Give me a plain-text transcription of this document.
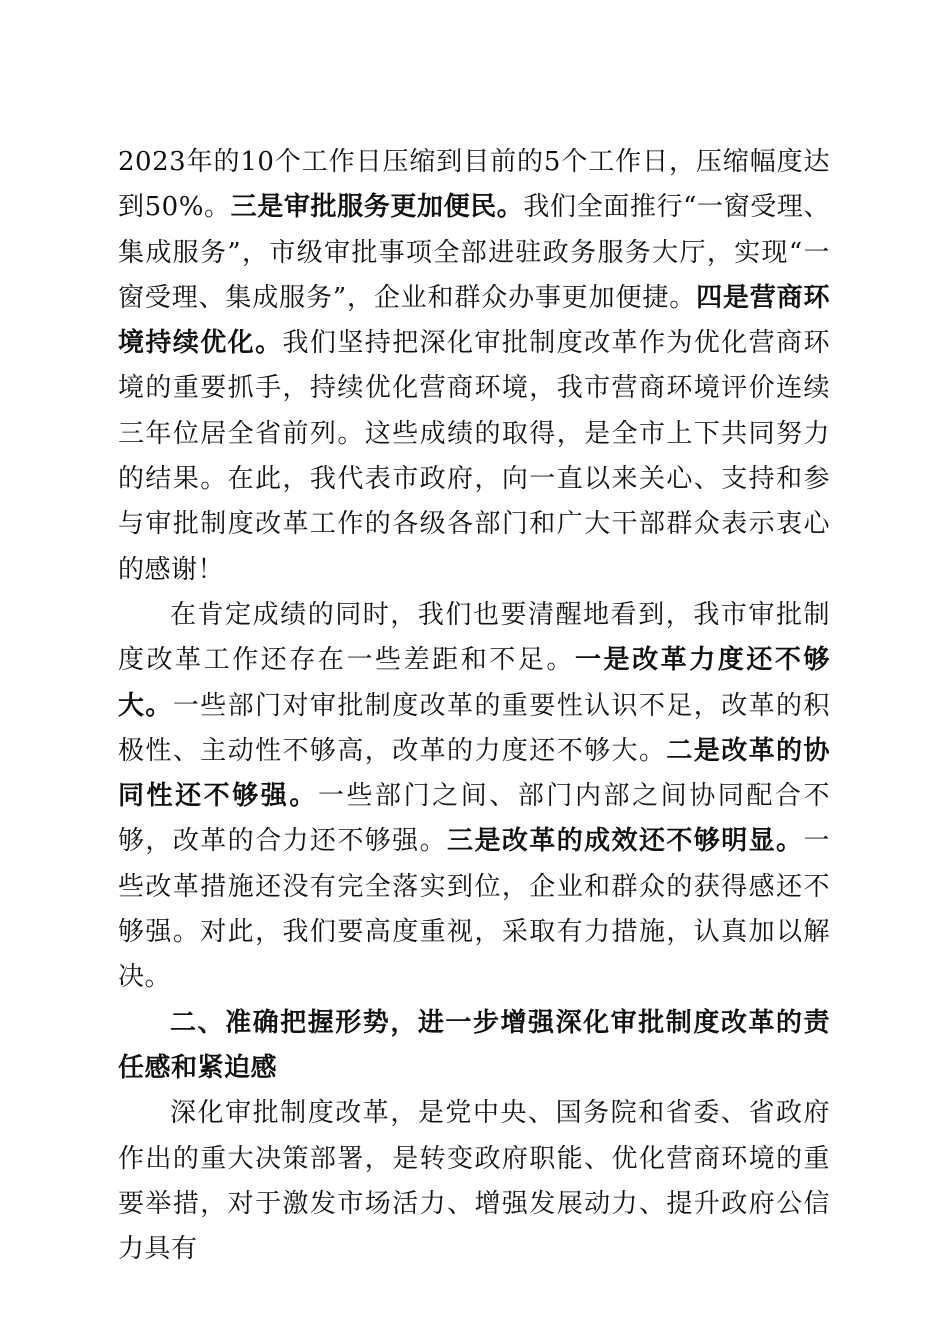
2023年的10个工作日压缩到目前的5个工作日，压缩幅度达到50%。三是审批服务更加便民。我们全面推行“一窗受理、集成服务”，市级审批事项全部进驻政务服务大厅，实现“一窗受理、集成服务”，企业和群众办事更加便捷。四是营商环境持续优化。我们坚持把深化审批制度改革作为优化营商环境的重要抓手，持续优化营商环境，我市营商环境评价连续三年位居全省前列。这些成绩的取得，是全市上下共同努力的结果。在此，我代表市政府，向一直以来关心、支持和参与审批制度改革工作的各级各部门和广大干部群众表示衷心的感谢！

在肯定成绩的同时，我们也要清醒地看到，我市审批制度改革工作还存在一些差距和不足。一是改革力度还不够大。一些部门对审批制度改革的重要性认识不足，改革的积极性、主动性不够高，改革的力度还不够大。二是改革的协同性还不够强。一些部门之间、部门内部之间协同配合不够，改革的合力还不够强。三是改革的成效还不够明显。一些改革措施还没有完全落实到位，企业和群众的获得感还不够强。对此，我们要高度重视，采取有力措施，认真加以解决。

二、准确把握形势，进一步增强深化审批制度改革的责任感和紧迫感

深化审批制度改革，是党中央、国务院和省委、省政府作出的重大决策部署，是转变政府职能、优化营商环境的重要举措，对于激发市场活力、增强发展动力、提升政府公信力具有
